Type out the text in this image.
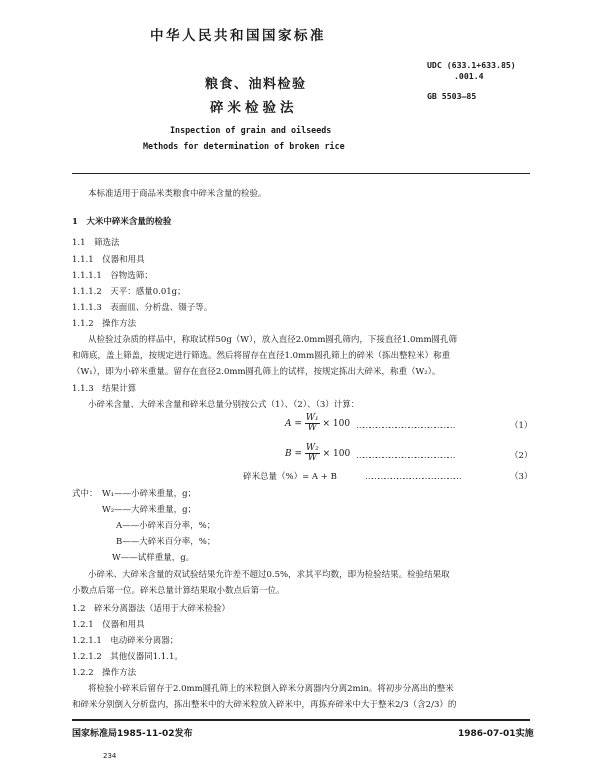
中华人民共和国国家标准
粮食、油料检验
碎米检验法
Inspection of grain and oilseeds
Methods for determination of broken rice
UDC (633.1+633.85)
.001.4
GB 5503—85
本标准适用于商品米类粮食中碎米含量的检验。
1　大米中碎米含量的检验
1.1　筛选法
1.1.1　仪器和用具
1.1.1.1　谷物选筛；
1.1.1.2　天平：感量0.01g；
1.1.1.3　表面皿、分析盘、镊子等。
1.1.2　操作方法
从检验过杂质的样品中，称取试样50g（W），放入直径2.0mm圆孔筛内，下接直径1.0mm圆孔筛
和筛底，盖上筛盖，按规定进行筛选。然后将留存在直径1.0mm圆孔筛上的碎米（拣出整粒米）称重
（W₁），即为小碎米重量。留存在直径2.0mm圆孔筛上的试样，按规定拣出大碎米，称重（W₂）。
1.1.3　结果计算
小碎米含量、大碎米含量和碎米总量分别按公式（1）、（2）、（3）计算：
$A = \frac{\text{W₁}}{W} \times 100$ ………………………………………	（1）
$B = \frac{\text{W₂}}{W} \times 100$ ………………………………………	（2）
碎米总量（%）= A + B	………………………………………	（3）
式中： W₁——小碎米重量，g；
W₂——大碎米重量，g；
A——小碎米百分率，%；
B——大碎米百分率，%；
W——试样重量，g。
小碎米、大碎米含量的双试验结果允许差不超过0.5%，求其平均数，即为检验结果。检验结果取
小数点后第一位。碎米总量计算结果取小数点后第一位。
1.2　碎米分离器法（适用于大碎米检验）
1.2.1　仪器和用具
1.2.1.1　电动碎米分离器；
1.2.1.2　其他仪器同1.1.1。
1.2.2　操作方法
将检验小碎米后留存于2.0mm圆孔筛上的米粒倒入碎米分离器内分离2min。将初步分离出的整米
和碎米分别倒入分析盘内，拣出整米中的大碎米粒放入碎米中，再拣弃碎米中大于整米2/3（含2/3）的
国家标准局1985-11-02发布	1986-07-01实施
234
